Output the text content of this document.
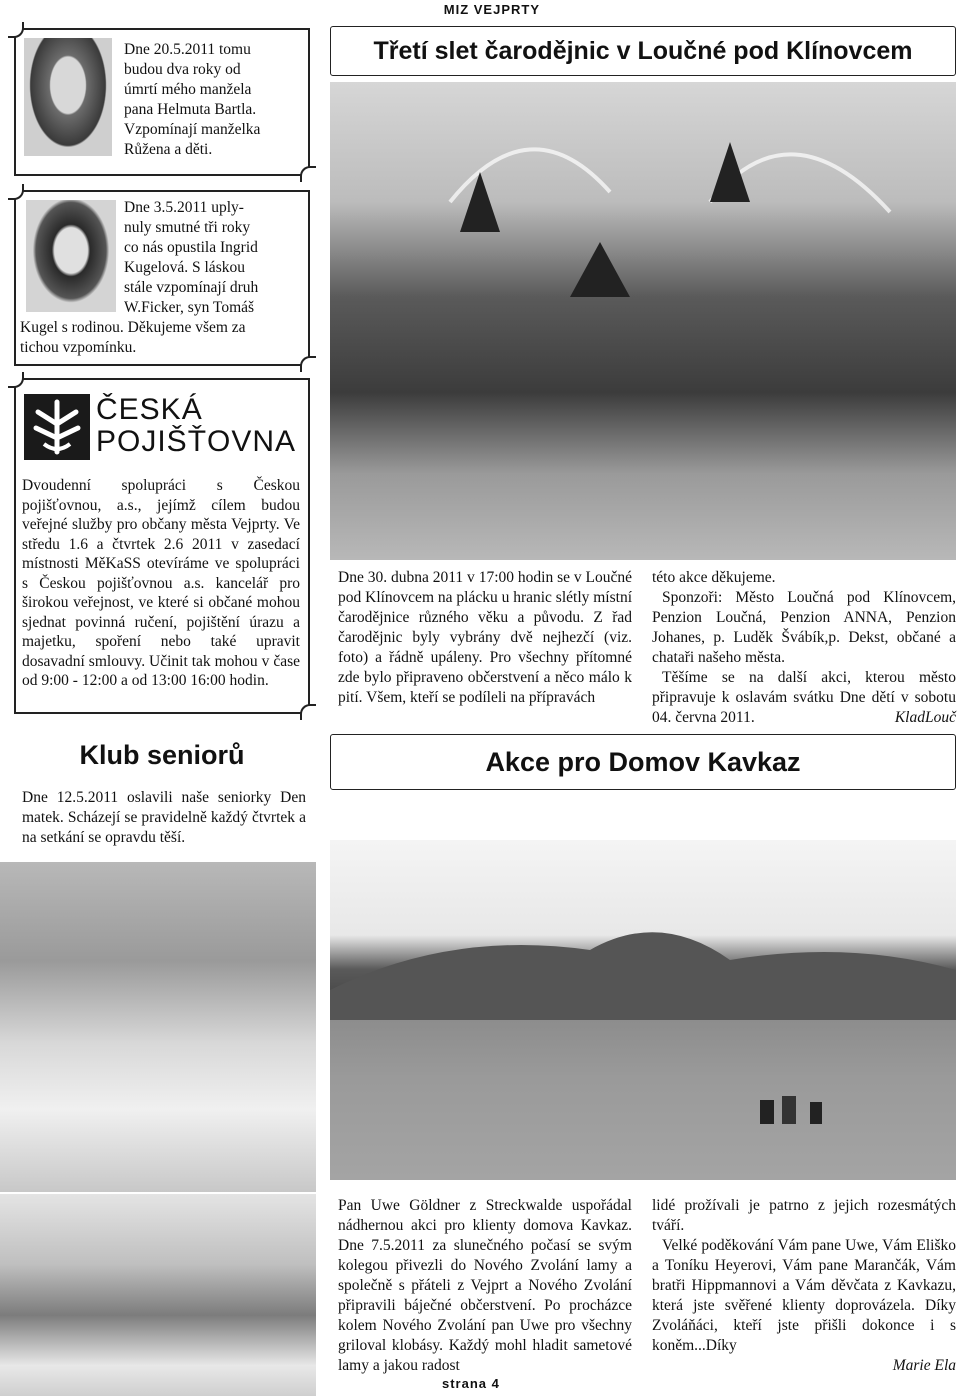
MIZ VEJPRTY
Dne 20.5.2011 tomu
budou dva roky od
úmrtí mého manžela
pana Helmuta Bartla.
Vzpomínají manželka
Růžena a děti.
Dne 3.5.2011 uply-
nuly smutné tři roky
co nás opustila Ingrid
Kugelová. S láskou
stále vzpomínají druh
W.Ficker, syn Tomáš
Kugel s rodinou. Děkujeme všem za
tichou vzpomínku.
ČESKÁ
POJIŠŤOVNA

Dvoudenní spolupráci s Českou pojišťovnou, a.s., jejímž cílem budou veřejné služby pro občany města Vejprty. Ve středu 1.6 a čtvrtek 2.6 2011 v zasedací místnosti MěKaSS otevíráme ve spolupráci s Českou pojišťovnou a.s. kancelář pro širokou veřejnost, ve které si občané mohou sjednat povinná ručení, pojištění úrazu a majetku, spoření nebo také upravit dosavadní smlouvy. Učinit tak mohou v čase od 9:00 - 12:00 a od 13:00 16:00 hodin.

Klub seniorů

Dne 12.5.2011 oslavili naše seniorky Den matek. Scházejí se pravidelně každý čtvrtek a na setkání se opravdu těší.

Třetí slet čarodějnic v Loučné pod Klínovcem

Dne 30. dubna 2011 v 17:00 hodin se v Loučné pod Klínovcem na plácku u hranic slétly místní čarodějnice různého věku a původu. Z řad čarodějnic byly vybrány dvě nejhezčí (viz. foto) a řádně upáleny. Pro všechny přítomné zde bylo připraveno občerstvení a něco málo k pití. Všem, kteří se podíleli na přípravách

této akce děkujeme.

Sponzoři: Město Loučná pod Klínovcem, Penzion Loučná, Penzion ANNA, Penzion Johanes, p. Luděk Švábík,p. Dekst, občané a chataři našeho města.

Těšíme se na další akci, kterou město připravuje k oslavám svátku Dne dětí v sobotu 04. června 2011.	KladLouč

Akce pro Domov Kavkaz

Pan Uwe Göldner z Streckwalde uspořádal nádhernou akci pro klienty domova Kavkaz. Dne 7.5.2011 za slunečného počasí se svým kolegou přivezli do Nového Zvolání lamy a společně s přáteli z Vejprt a Nového Zvolání připravili báječné občerstvení. Po procházce kolem Nového Zvolání pan Uwe pro všechny griloval klobásy. Každý mohl hladit sametové lamy a jakou radost

lidé prožívali je patrno z jejich rozesmátých tváří.

Velké poděkování Vám pane Uwe, Vám Eliško a Toníku Heyerovi, Vám pane Marančák, Vám bratři Hippmannovi a Vám děvčata z Kavkazu, která jste svěřené klienty doprovázela. Díky Zvoláňáci, kteří jste přišli dokonce i s koněm...Díky

Marie Ela

strana 4
